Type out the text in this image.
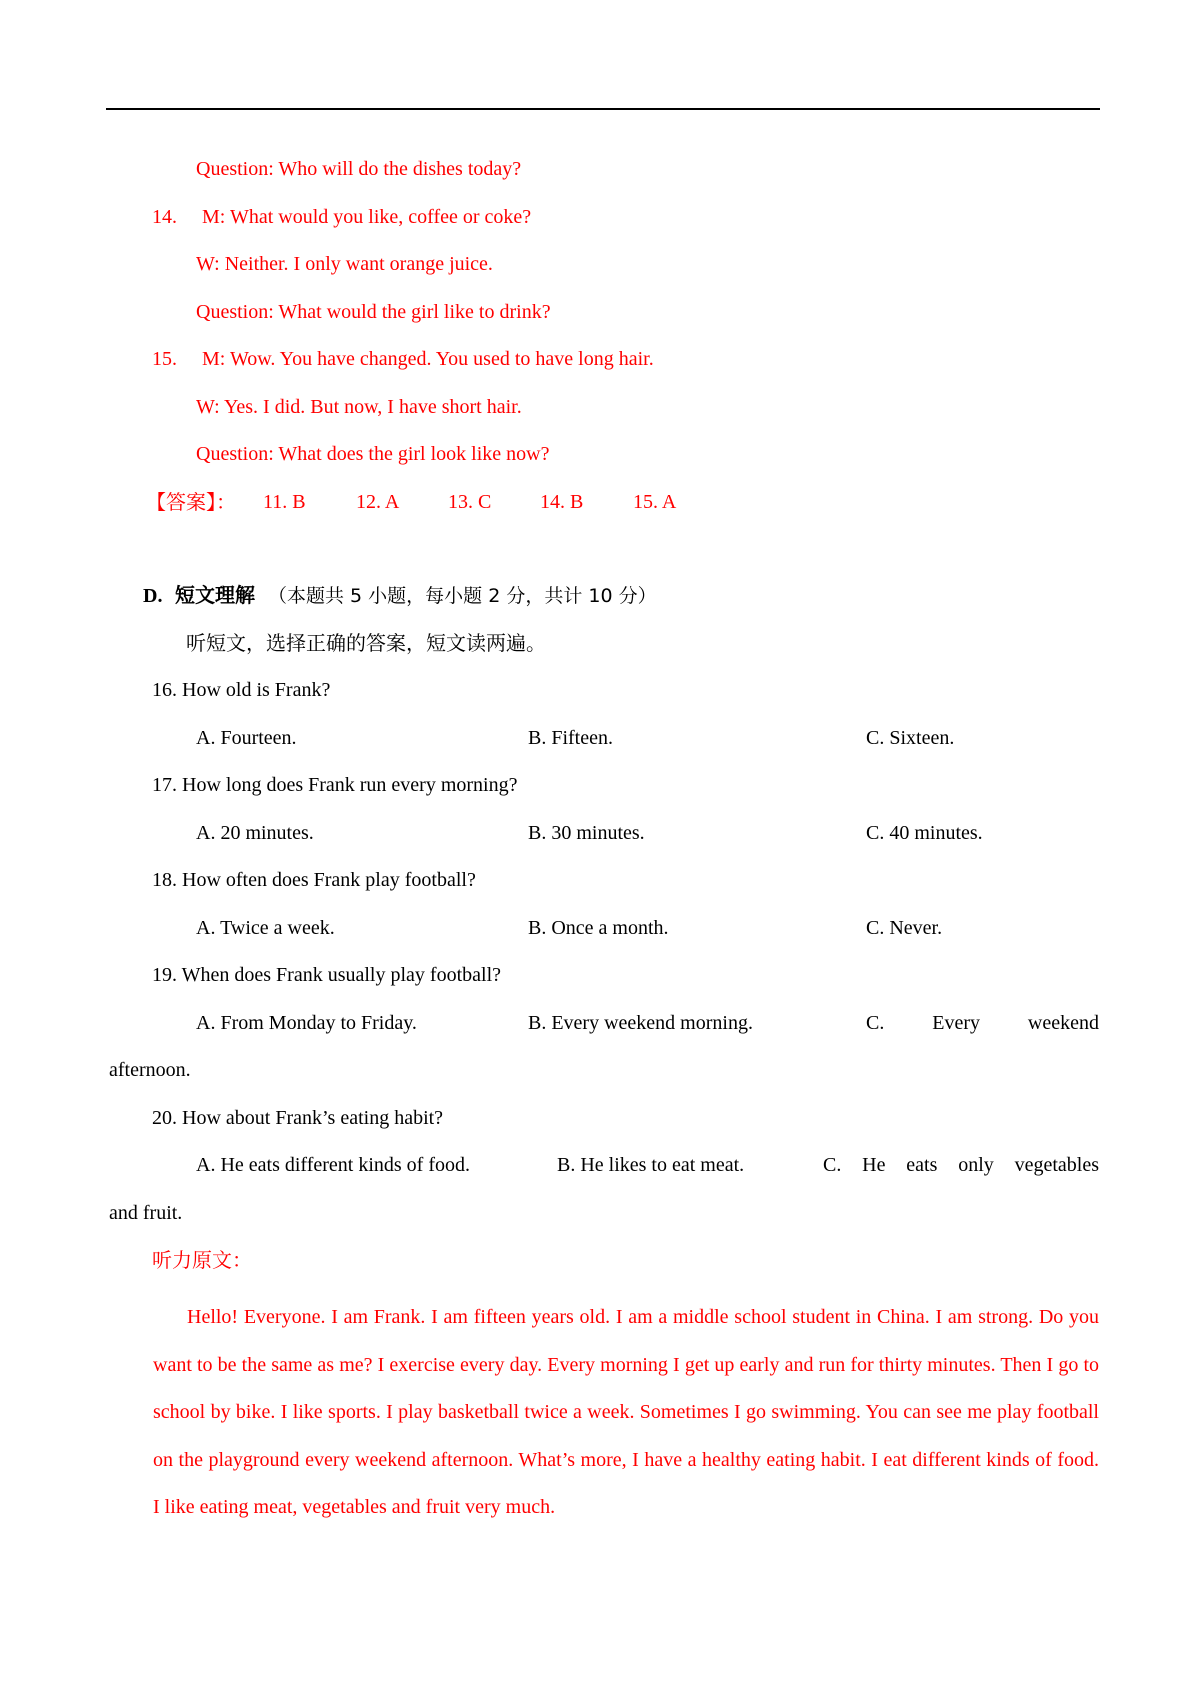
Question: Who will do the dishes today?
14. M: What would you like, coffee or coke?
W: Neither. I only want orange juice.
Question: What would the girl like to drink?
15. M: Wow. You have changed. You used to have long hair.
W: Yes. I did. But now, I have short hair.
Question: What does the girl look like now?
【答案】： 11. B	12. A 13. C 14. B 15. A
D. 短文理解 （本题共 5 小题，每小题 2 分，共计 10 分）
听短文，选择正确的答案，短文读两遍。
16. How old is Frank?
A. Fourteen.	B. Fifteen.	C. Sixteen.
17. How long does Frank run every morning?
A. 20 minutes.	B. 30 minutes.	C. 40 minutes.
18. How often does Frank play football?
A. Twice a week.	B. Once a month.	C. Never.
19. When does Frank usually play football?
A. From Monday to Friday.	B. Every weekend morning.	C. Every weekend
afternoon.
20. How about Frank’s eating habit?
A. He eats different kinds of food.	B. He likes to eat meat.	C. He eats only vegetables
and fruit.
听力原文：
Hello! Everyone. I am Frank. I am fifteen years old. I am a middle school student in China. I am strong. Do you want to be the same as me? I exercise every day. Every morning I get up early and run for thirty minutes. Then I go to school by bike. I like sports. I play basketball twice a week. Sometimes I go swimming. You can see me play football on the playground every weekend afternoon. What’s more, I have a healthy eating habit. I eat different kinds of food. I like eating meat, vegetables and fruit very much.
